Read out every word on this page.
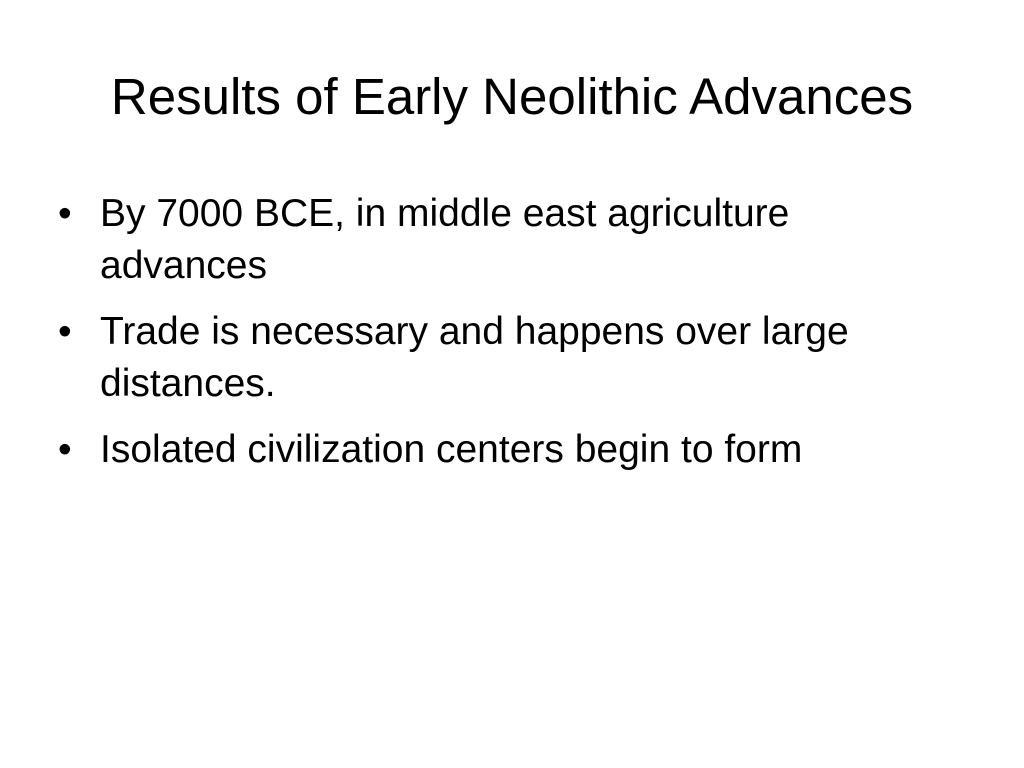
Results of Early Neolithic Advances
• By 7000 BCE, in middle east agriculture advances
• Trade is necessary and happens over large distances.
• Isolated civilization centers begin to form
